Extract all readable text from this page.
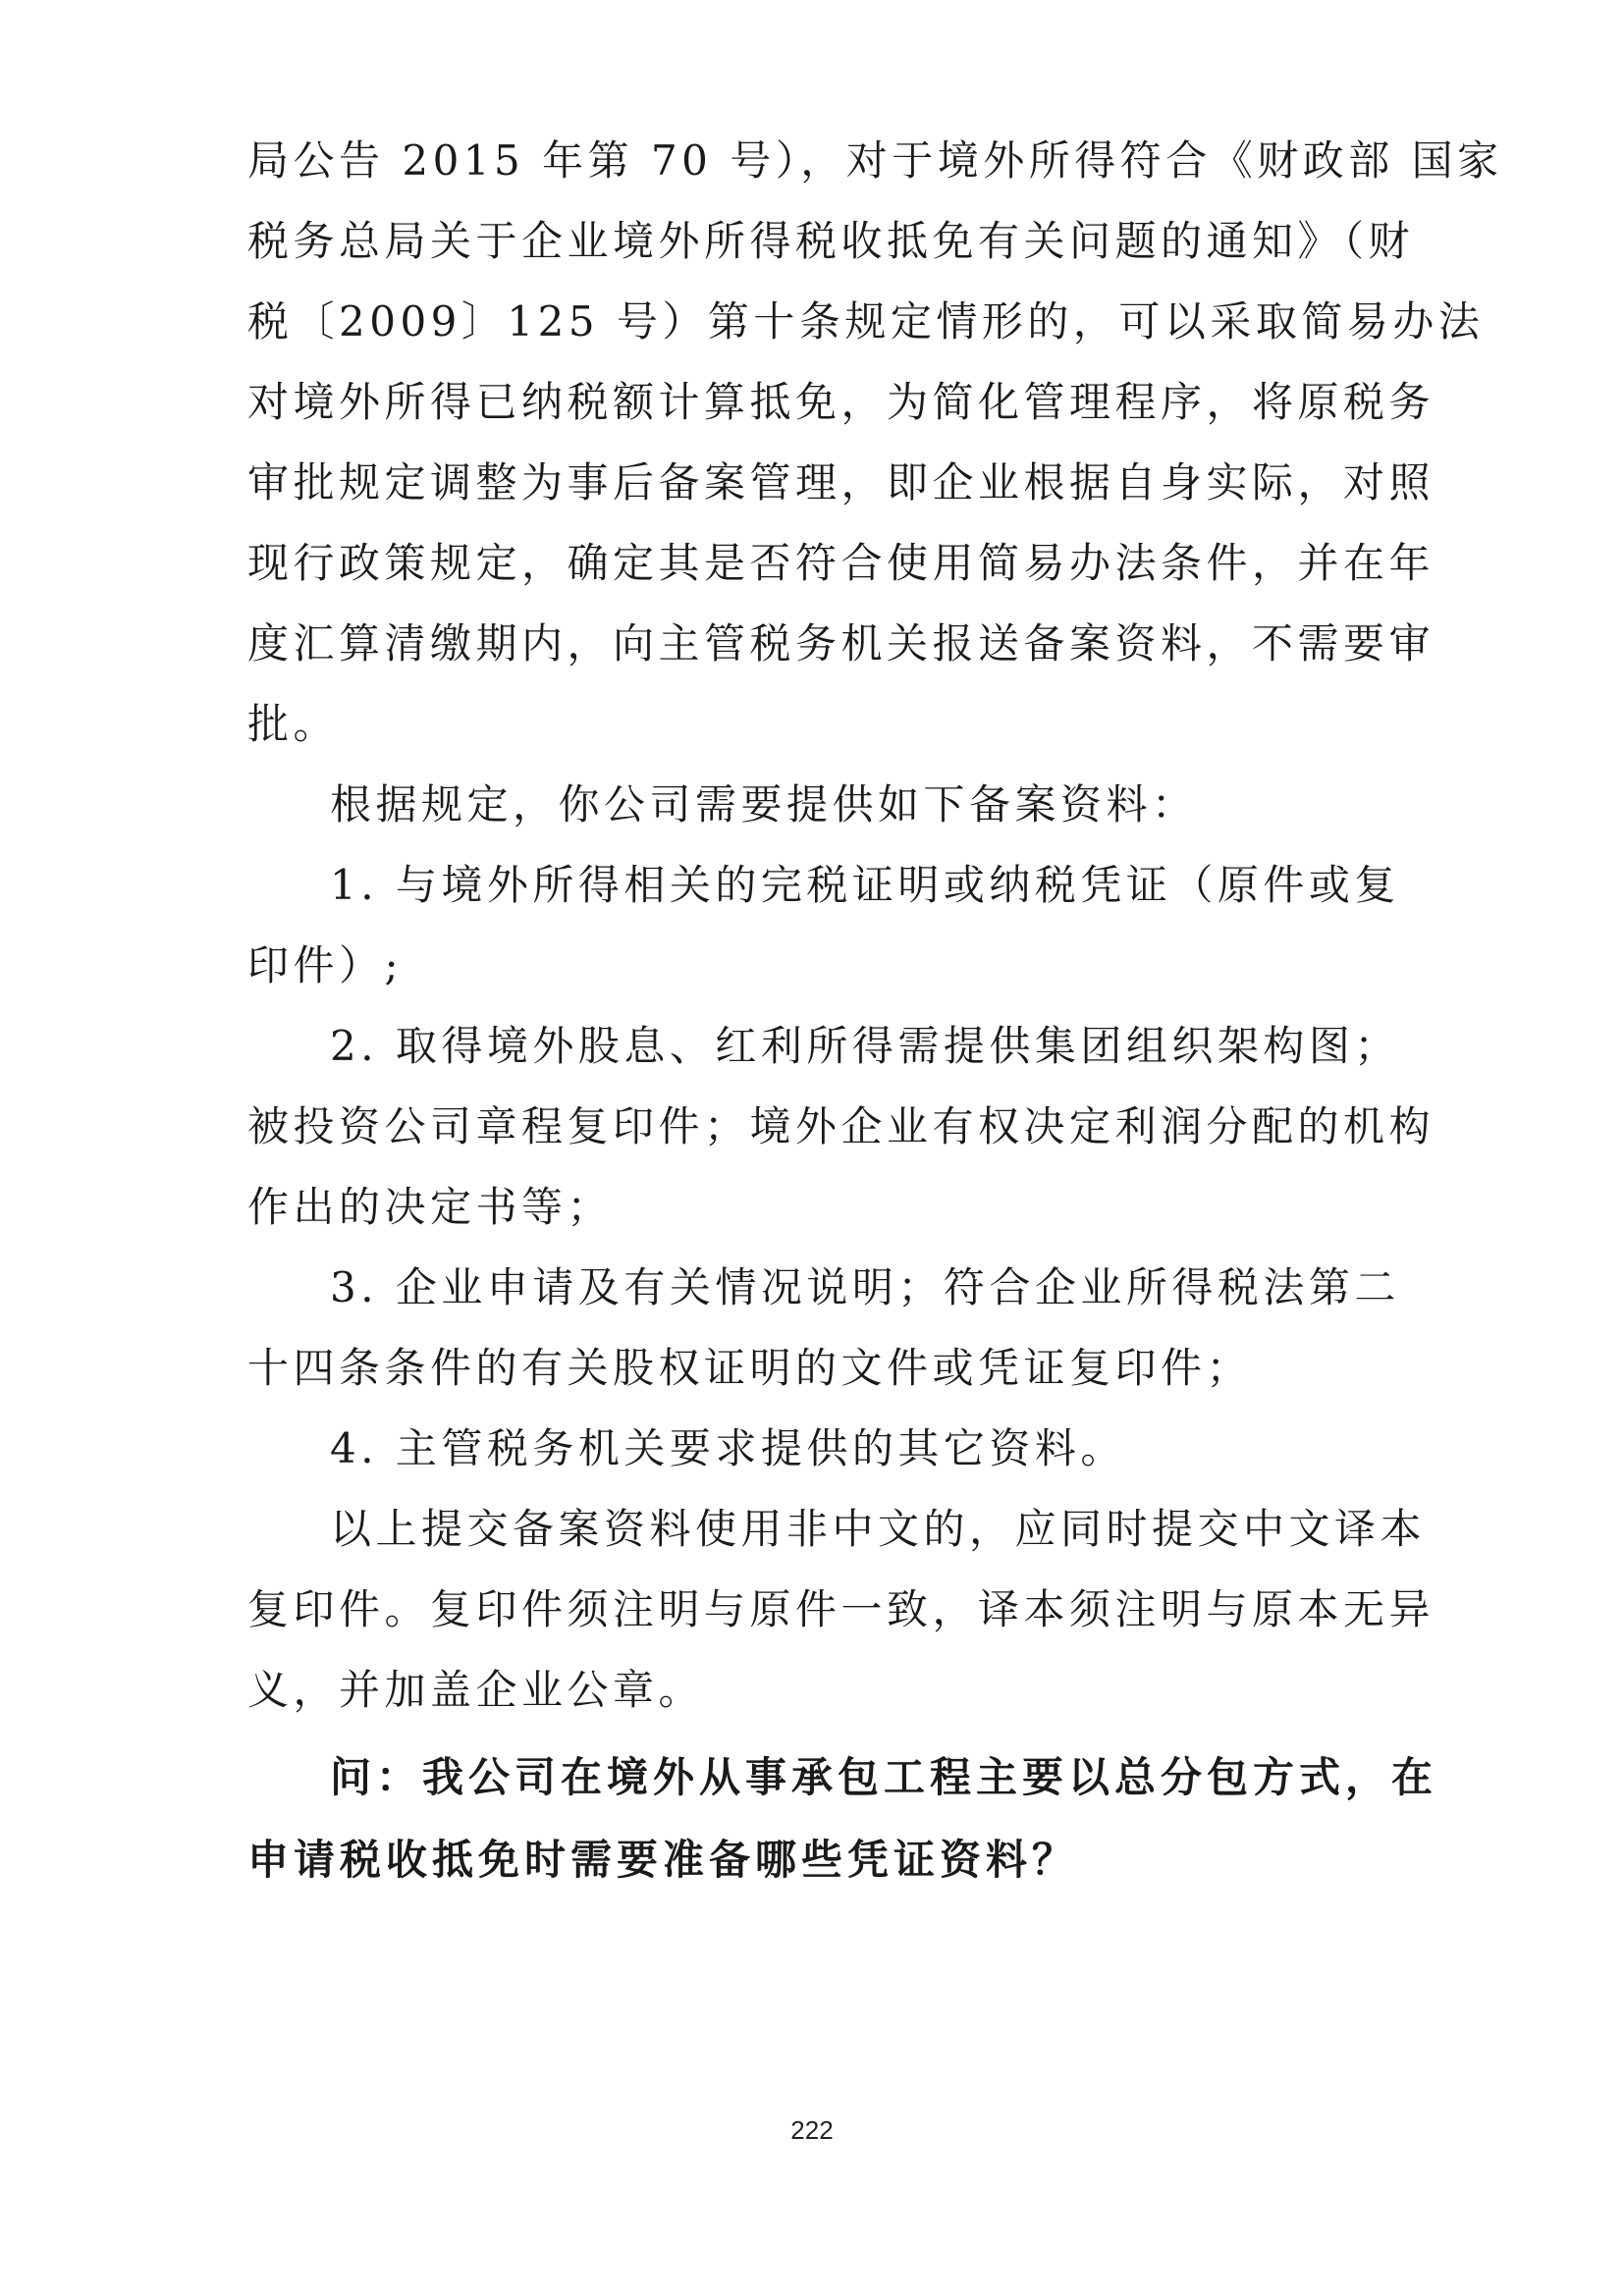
局公告 2015 年第 70 号），对于境外所得符合《财政部 国家
税务总局关于企业境外所得税收抵免有关问题的通知》（财
税〔2009〕125 号）第十条规定情形的，可以采取简易办法
对境外所得已纳税额计算抵免，为简化管理程序，将原税务
审批规定调整为事后备案管理，即企业根据自身实际，对照
现行政策规定，确定其是否符合使用简易办法条件，并在年
度汇算清缴期内，向主管税务机关报送备案资料，不需要审
批。
根据规定，你公司需要提供如下备案资料：
1. 与境外所得相关的完税证明或纳税凭证（原件或复
印件）;
2. 取得境外股息、红利所得需提供集团组织架构图；
被投资公司章程复印件；境外企业有权决定利润分配的机构
作出的决定书等；
3. 企业申请及有关情况说明；符合企业所得税法第二
十四条条件的有关股权证明的文件或凭证复印件；
4. 主管税务机关要求提供的其它资料。
以上提交备案资料使用非中文的，应同时提交中文译本
复印件。复印件须注明与原件一致，译本须注明与原本无异
义，并加盖企业公章。
问：我公司在境外从事承包工程主要以总分包方式，在
申请税收抵免时需要准备哪些凭证资料？
222
